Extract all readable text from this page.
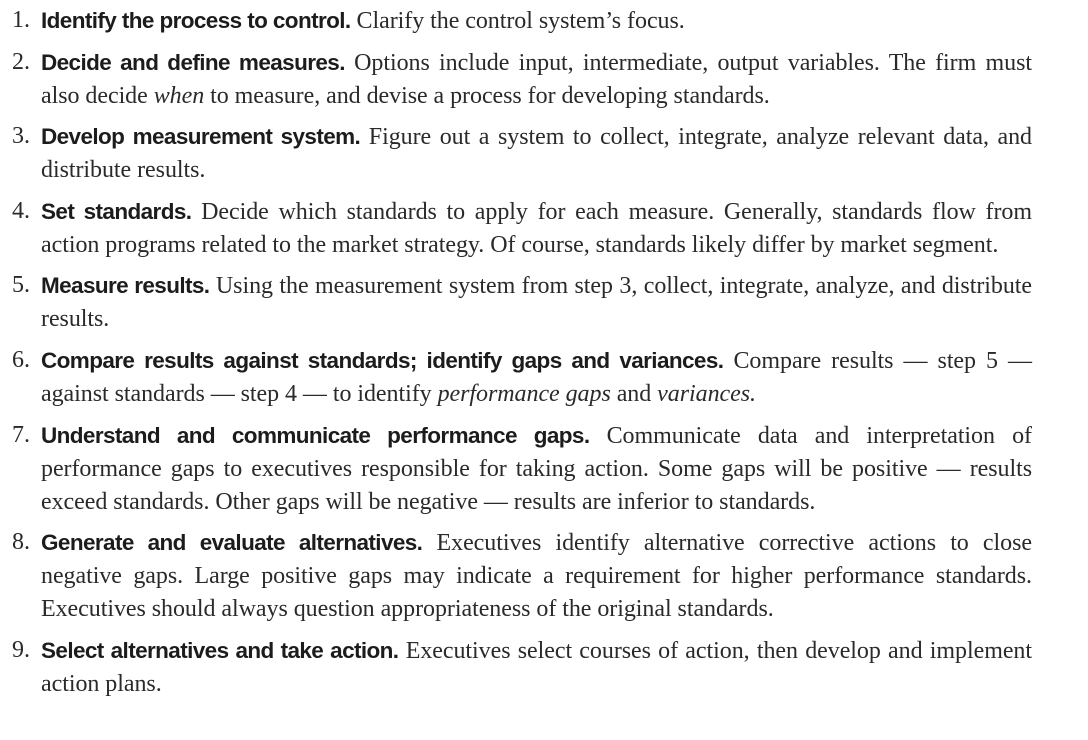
1. Identify the process to control. Clarify the control system’s focus.
2. Decide and define measures. Options include input, intermediate, output variables. The firm must also decide when to measure, and devise a process for developing standards.
3. Develop measurement system. Figure out a system to collect, integrate, analyze relevant data, and distribute results.
4. Set standards. Decide which standards to apply for each measure. Generally, standards flow from action programs related to the market strategy. Of course, standards likely differ by market segment.
5. Measure results. Using the measurement system from step 3, collect, integrate, analyze, and distribute results.
6. Compare results against standards; identify gaps and variances. Compare results — step 5 — against standards — step 4 — to identify performance gaps and variances.
7. Understand and communicate performance gaps. Communicate data and interpretation of performance gaps to executives responsible for taking action. Some gaps will be positive — results exceed standards. Other gaps will be negative — results are inferior to standards.
8. Generate and evaluate alternatives. Executives identify alternative corrective actions to close negative gaps. Large positive gaps may indicate a requirement for higher performance standards. Executives should always question appropriateness of the original standards.
9. Select alternatives and take action. Executives select courses of action, then develop and implement action plans.
